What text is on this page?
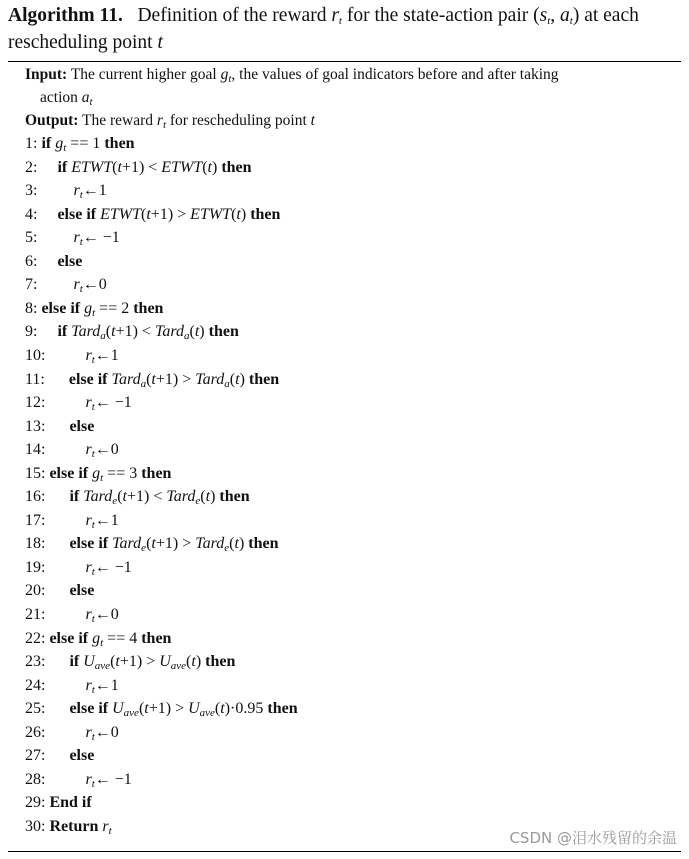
Algorithm 11.   Definition of the reward $r_t$ for the state-action pair ($s_t$, $a_t$) at each rescheduling point t
Input: The current higher goal $g_t$, the values of goal indicators before and after taking
action $a_t$
Output: The reward $r_t$ for rescheduling point t
1: if $g_t == 1$ then
2: if ETWT(t+1) < ETWT(t) then
3: $r_t\leftarrow 1$
4: else if ETWT(t+1) > ETWT(t) then
5: $r_t\leftarrow -1$
6: else
7: $r_t\leftarrow 0$
8: else if $g_t == 2$ then
9: if Tard$_a$(t+1) < Tard$_a$(t) then
10:	$r_t\leftarrow 1$
11: else if Tard$_a$(t+1) > Tard$_a$(t) then
12:	$r_t\leftarrow -1$
13: else
14:	$r_t\leftarrow 0$
15: else if $g_t == 3$ then
16: if Tard$_e$(t+1) < Tard$_e$(t) then
17:	$r_t\leftarrow 1$
18: else if Tard$_e$(t+1) > Tard$_e$(t) then
19:	$r_t\leftarrow -1$
20: else
21:	$r_t\leftarrow 0$
22: else if $g_t == 4$ then
23: if $U_{ave}(t+1) > U_{ave}(t)$ then
24:	$r_t\leftarrow 1$
25: else if $U_{ave}(t+1) > U_{ave}(t)\cdot 0.95$ then
26:	$r_t\leftarrow 0$
27: else
28:	$r_t\leftarrow -1$
29: End if
30: Return $r_t$	CSDN @泪水残留的余温
